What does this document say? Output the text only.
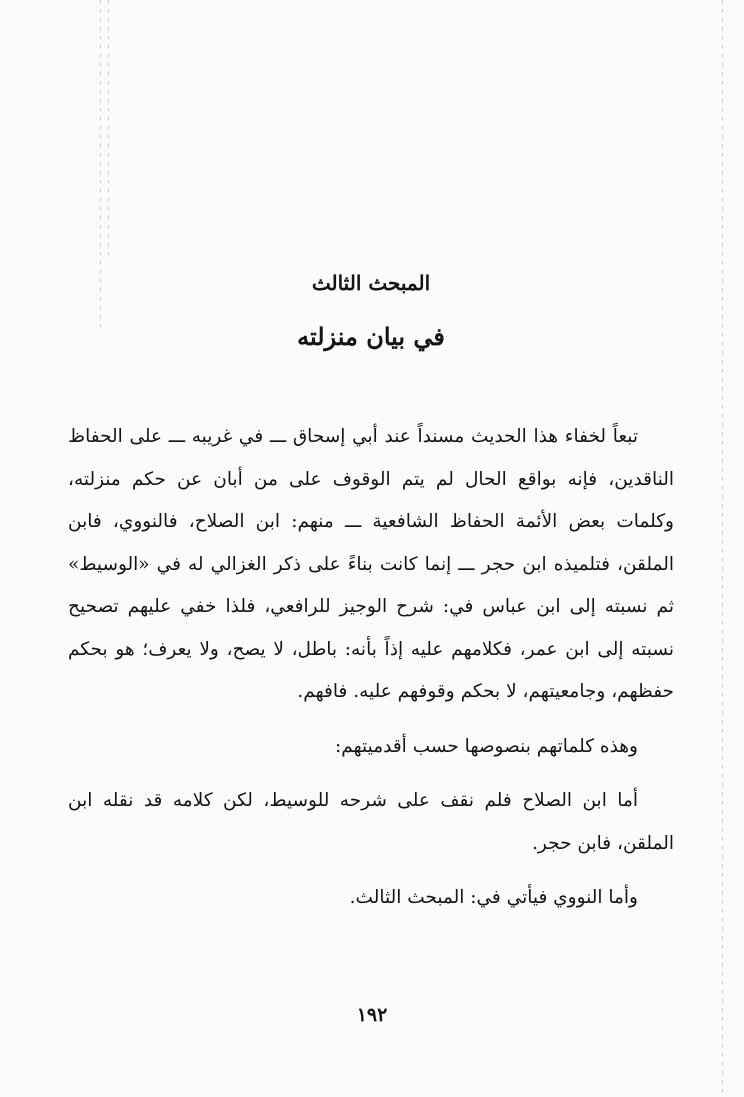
المبحث الثالث
في بيان منزلته

تبعاً لخفاء هذا الحديث مسنداً عند أبي إسحاق ـــ في غريبه ـــ على الحفاظ الناقدين، فإنه بواقع الحال لم يتم الوقوف على من أبان عن حكم منزلته، وكلمات بعض الأئمة الحفاظ الشافعية ـــ منهم: ابن الصلاح، فالنووي، فابن الملقن، فتلميذه ابن حجر ـــ إنما كانت بناءً على ذكر الغزالي له في «الوسيط» ثم نسبته إلى ابن عباس في: شرح الوجيز للرافعي، فلذا خفي عليهم تصحيح نسبته إلى ابن عمر، فكلامهم عليه إذاً بأنه: باطل، لا يصح، ولا يعرف؛ هو بحكم حفظهم، وجامعيتهم، لا بحكم وقوفهم عليه. فافهم.

وهذه كلماتهم بنصوصها حسب أقدميتهم:

أما ابن الصلاح فلم نقف على شرحه للوسيط، لكن كلامه قد نقله ابن الملقن، فابن حجر.

وأما النووي فيأتي في: المبحث الثالث.

١٩٢
